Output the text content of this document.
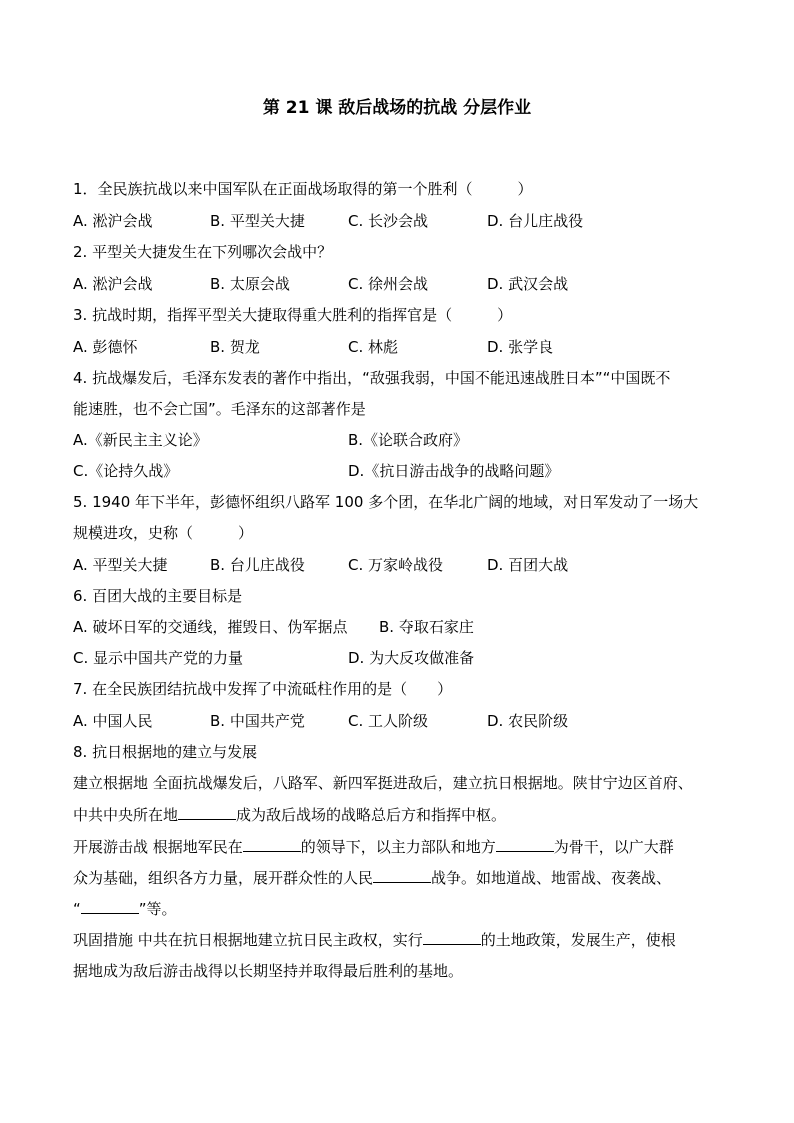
第 21 课 敌后战场的抗战 分层作业
1．全民族抗战以来中国军队在正面战场取得的第一个胜利（　　　）
A. 淞沪会战	B. 平型关大捷	C. 长沙会战	D. 台儿庄战役
2. 平型关大捷发生在下列哪次会战中？
A. 淞沪会战	B. 太原会战	C. 徐州会战	D. 武汉会战
3. 抗战时期，指挥平型关大捷取得重大胜利的指挥官是（　　　）
A. 彭德怀	B. 贺龙	C. 林彪	D. 张学良
4. 抗战爆发后，毛泽东发表的著作中指出，“敌强我弱，中国不能迅速战胜日本”“中国既不
能速胜，也不会亡国”。毛泽东的这部著作是
A.《新民主主义论》	B.《论联合政府》
C.《论持久战》	D.《抗日游击战争的战略问题》
5. 1940 年下半年，彭德怀组织八路军 100 多个团，在华北广阔的地域，对日军发动了一场大
规模进攻，史称（　　　）
A. 平型关大捷	B. 台儿庄战役	C. 万家岭战役	D. 百团大战
6. 百团大战的主要目标是
A. 破坏日军的交通线，摧毁日、伪军据点 B. 夺取石家庄
C. 显示中国共产党的力量	D. 为大反攻做准备
7. 在全民族团结抗战中发挥了中流砥柱作用的是（　　）
A. 中国人民	B. 中国共产党	C. 工人阶级	D. 农民阶级
8. 抗日根据地的建立与发展
建立根据地 全面抗战爆发后，八路军、新四军挺进敌后，建立抗日根据地。陕甘宁边区首府、
中共中央所在地	成为敌后战场的战略总后方和指挥中枢。
开展游击战 根据地军民在	的领导下，以主力部队和地方	为骨干，以广大群
众为基础，组织各方力量，展开群众性的人民	战争。如地道战、地雷战、夜袭战、
“	”等。
巩固措施 中共在抗日根据地建立抗日民主政权，实行	的土地政策，发展生产，使根
据地成为敌后游击战得以长期坚持并取得最后胜利的基地。
